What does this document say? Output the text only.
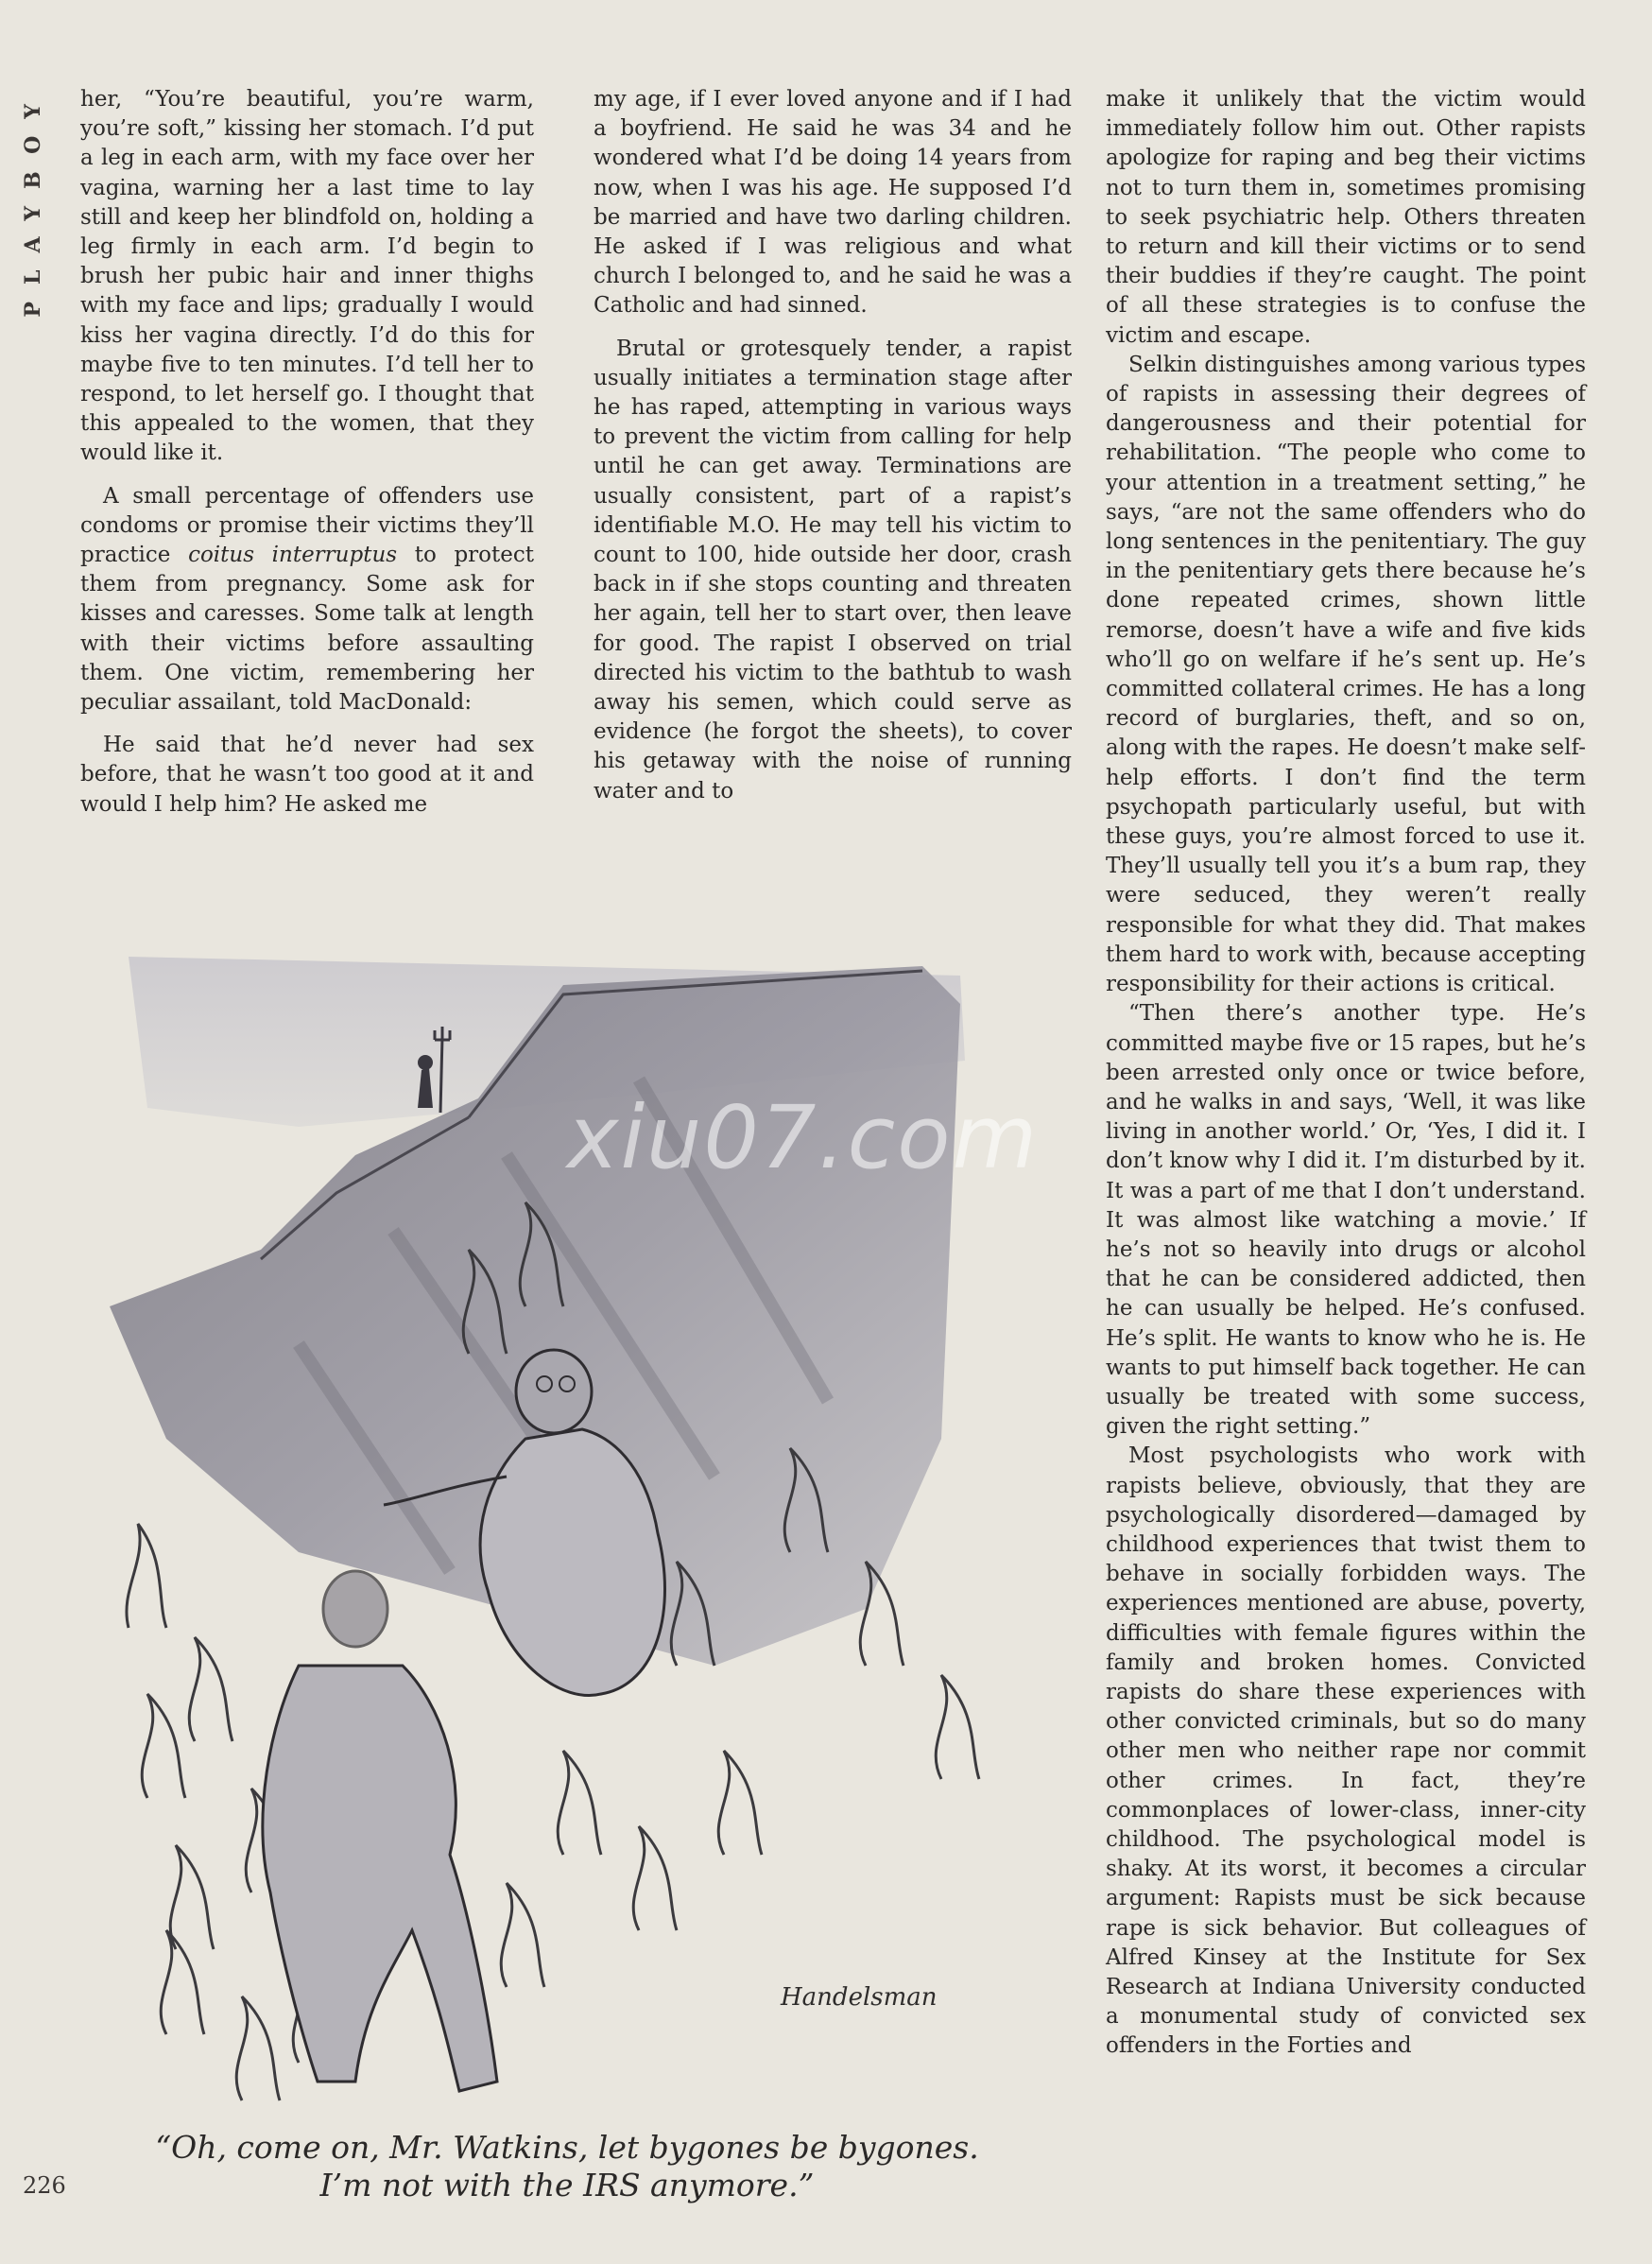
PLAYBOY	her, “You’re beautiful, you’re warm, you’re soft,” kissing her stomach. I’d put a leg in each arm, with my face over her vagina, warning her a last time to lay still and keep her blindfold on, holding a leg firmly in each arm. I’d begin to brush her pubic hair and inner thighs with my face and lips; gradually I would kiss her vagina directly. I’d do this for maybe five to ten minutes. I’d tell her to respond, to let herself go. I thought that this appealed to the women, that they would like it.

A small percentage of offenders use condoms or promise their victims they’ll practice coitus interruptus to protect them from pregnancy. Some ask for kisses and caresses. Some talk at length with their victims before assaulting them. One victim, remembering her peculiar assailant, told MacDonald:

He said that he’d never had sex before, that he wasn’t too good at it and would I help him? He asked me

my age, if I ever loved anyone and if I had a boyfriend. He said he was 34 and he wondered what I’d be doing 14 years from now, when I was his age. He supposed I’d be married and have two darling children. He asked if I was religious and what church I belonged to, and he said he was a Catholic and had sinned.

Brutal or grotesquely tender, a rapist usually initiates a termination stage after he has raped, attempting in various ways to prevent the victim from calling for help until he can get away. Terminations are usually consistent, part of a rapist’s identifiable M.O. He may tell his victim to count to 100, hide outside her door, crash back in if she stops counting and threaten her again, tell her to start over, then leave for good. The rapist I observed on trial directed his victim to the bathtub to wash away his semen, which could serve as evidence (he forgot the sheets), to cover his getaway with the noise of running water and to

make it unlikely that the victim would immediately follow him out. Other rapists apologize for raping and beg their victims not to turn them in, sometimes promising to seek psychiatric help. Others threaten to return and kill their victims or to send their buddies if they’re caught. The point of all these strategies is to confuse the victim and escape.

Selkin distinguishes among various types of rapists in assessing their degrees of dangerousness and their potential for rehabilitation. “The people who come to your attention in a treatment setting,” he says, “are not the same offenders who do long sentences in the penitentiary. The guy in the penitentiary gets there because he’s done repeated crimes, shown little remorse, doesn’t have a wife and five kids who’ll go on welfare if he’s sent up. He’s committed collateral crimes. He has a long record of burglaries, theft, and so on, along with the rapes. He doesn’t make self-help efforts. I don’t find the term psychopath particularly useful, but with these guys, you’re almost forced to use it. They’ll usually tell you it’s a bum rap, they were seduced, they weren’t really responsible for what they did. That makes them hard to work with, because accepting responsibility for their actions is critical.

“Then there’s another type. He’s committed maybe five or 15 rapes, but he’s been arrested only once or twice before, and he walks in and says, ‘Well, it was like living in another world.’ Or, ‘Yes, I did it. I don’t know why I did it. I’m disturbed by it. It was a part of me that I don’t understand. It was almost like watching a movie.’ If he’s not so heavily into drugs or alcohol that he can be considered addicted, then he can usually be helped. He’s confused. He’s split. He wants to know who he is. He wants to put himself back together. He can usually be treated with some success, given the right setting.”

Most psychologists who work with rapists believe, obviously, that they are psychologically disordered—damaged by childhood experiences that twist them to behave in socially forbidden ways. The experiences mentioned are abuse, poverty, difficulties with female figures within the family and broken homes. Convicted rapists do share these experiences with other convicted criminals, but so do many other men who neither rape nor commit other crimes. In fact, they’re commonplaces of lower-class, inner-city childhood. The psychological model is shaky. At its worst, it becomes a circular argument: Rapists must be sick because rape is sick behavior. But colleagues of Alfred Kinsey at the Institute for Sex Research at Indiana University conducted a monumental study of convicted sex offenders in the Forties and

Handelsman
“Oh, come on, Mr. Watkins, let bygones be bygones.
I’m not with the IRS anymore.”
xiu07.com
226
